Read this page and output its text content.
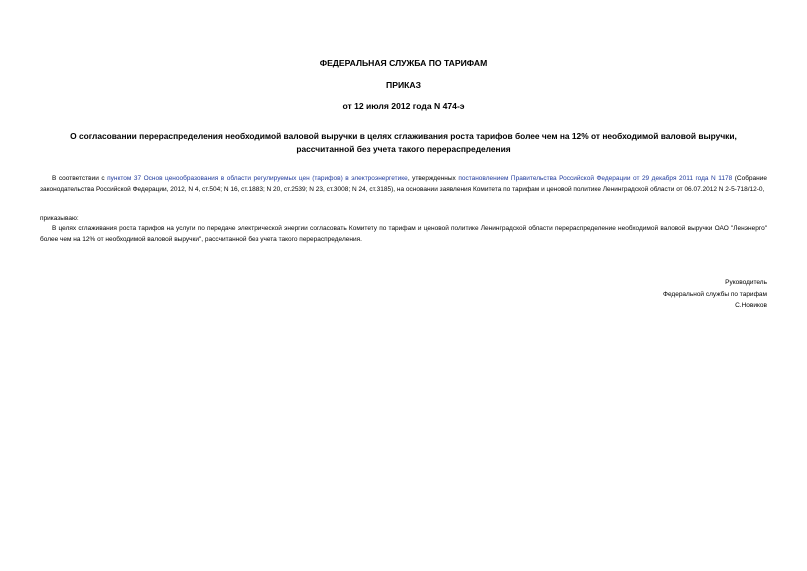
ФЕДЕРАЛЬНАЯ СЛУЖБА ПО ТАРИФАМ
ПРИКАЗ
от 12 июля 2012 года N 474-э
О согласовании перераспределения необходимой валовой выручки в целях сглаживания роста тарифов более чем на 12% от необходимой валовой выручки, рассчитанной без учета такого перераспределения
В соответствии с пунктом 37 Основ ценообразования в области регулируемых цен (тарифов) в электроэнергетике, утвержденных постановлением Правительства Российской Федерации от 29 декабря 2011 года N 1178 (Собрание законодательства Российской Федерации, 2012, N 4, ст.504; N 16, ст.1883; N 20, ст.2539; N 23, ст.3008; N 24, ст.3185), на основании заявления Комитета по тарифам и ценовой политике Ленинградской области от 06.07.2012 N 2-5-718/12-0,
приказываю:
В целях сглаживания роста тарифов на услуги по передаче электрической энергии согласовать Комитету по тарифам и ценовой политике Ленинградской области перераспределение необходимой валовой выручки ОАО "Ленэнерго" более чем на 12% от необходимой валовой выручки", рассчитанной без учета такого перераспределения.
Руководитель
Федеральной службы по тарифам
С.Новиков
